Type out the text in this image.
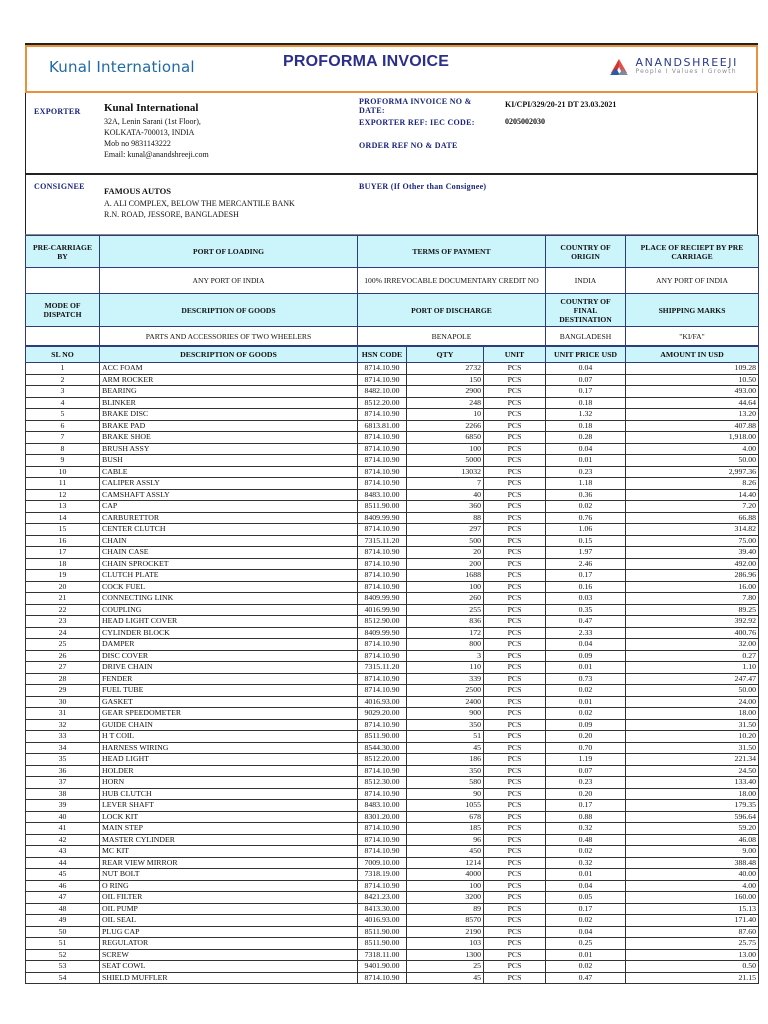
Kunal International	PROFORMA INVOICE	ANANDSHREEJI
People I Values I Growth
EXPORTER Kunal International
32A, Lenin Sarani (1st Floor),
KOLKATA-700013, INDIA
Mob no 9831143222
Email: kunal@anandshreeji.com
PROFORMA INVOICE NO &
DATE:
KI/CPI/329/20-21 DT 23.03.2021
EXPORTER REF: IEC CODE:	0205002030
ORDER REF NO & DATE
CONSIGNEE FAMOUS AUTOS
A. ALI COMPLEX, BELOW THE MERCANTILE BANK
R.N. ROAD, JESSORE, BANGLADESH
BUYER (If Other than Consignee)
PRE-CARRIAGE BY	PORT OF LOADING	TERMS OF PAYMENT	COUNTRY OF ORIGIN	PLACE OF RECIEPT BY PRE CARRIAGE
	ANY PORT OF INDIA	100% IRREVOCABLE DOCUMENTARY CREDIT NO	INDIA	ANY PORT OF INDIA
MODE OF DISPATCH	DESCRIPTION OF GOODS	PORT OF DISCHARGE	COUNTRY OF FINAL DESTINATION	SHIPPING MARKS
	PARTS AND ACCESSORIES OF TWO WHEELERS	BENAPOLE	BANGLADESH	"KI/FA"
SL NO	DESCRIPTION OF GOODS	HSN CODE	QTY	UNIT	UNIT PRICE USD	AMOUNT IN USD
1	ACC FOAM	8714.10.90	2732	PCS	0.04	109.28
2	ARM ROCKER	8714.10.90	150	PCS	0.07	10.50
3	BEARING	8482.10.00	2900	PCS	0.17	493.00
4	BLINKER	8512.20.00	248	PCS	0.18	44.64
5	BRAKE DISC	8714.10.90	10	PCS	1.32	13.20
6	BRAKE PAD	6813.81.00	2266	PCS	0.18	407.88
7	BRAKE SHOE	8714.10.90	6850	PCS	0.28	1,918.00
8	BRUSH ASSY	8714.10.90	100	PCS	0.04	4.00
9	BUSH	8714.10.90	5000	PCS	0.01	50.00
10	CABLE	8714.10.90	13032	PCS	0.23	2,997.36
11	CALIPER ASSLY	8714.10.90	7	PCS	1.18	8.26
12	CAMSHAFT ASSLY	8483.10.00	40	PCS	0.36	14.40
13	CAP	8511.90.00	360	PCS	0.02	7.20
14	CARBURETTOR	8409.99.90	88	PCS	0.76	66.88
15	CENTER CLUTCH	8714.10.90	297	PCS	1.06	314.82
16	CHAIN	7315.11.20	500	PCS	0.15	75.00
17	CHAIN CASE	8714.10.90	20	PCS	1.97	39.40
18	CHAIN SPROCKET	8714.10.90	200	PCS	2.46	492.00
19	CLUTCH PLATE	8714.10.90	1688	PCS	0.17	286.96
20	COCK FUEL	8714.10.90	100	PCS	0.16	16.00
21	CONNECTING LINK	8409.99.90	260	PCS	0.03	7.80
22	COUPLING	4016.99.90	255	PCS	0.35	89.25
23	HEAD LIGHT COVER	8512.90.00	836	PCS	0.47	392.92
24	CYLINDER BLOCK	8409.99.90	172	PCS	2.33	400.76
25	DAMPER	8714.10.90	800	PCS	0.04	32.00
26	DISC COVER	8714.10.90	3	PCS	0.09	0.27
27	DRIVE CHAIN	7315.11.20	110	PCS	0.01	1.10
28	FENDER	8714.10.90	339	PCS	0.73	247.47
29	FUEL TUBE	8714.10.90	2500	PCS	0.02	50.00
30	GASKET	4016.93.00	2400	PCS	0.01	24.00
31	GEAR SPEEDOMETER	9029.20.00	900	PCS	0.02	18.00
32	GUIDE CHAIN	8714.10.90	350	PCS	0.09	31.50
33	H T COIL	8511.90.00	51	PCS	0.20	10.20
34	HARNESS WIRING	8544.30.00	45	PCS	0.70	31.50
35	HEAD LIGHT	8512.20.00	186	PCS	1.19	221.34
36	HOLDER	8714.10.90	350	PCS	0.07	24.50
37	HORN	8512.30.00	580	PCS	0.23	133.40
38	HUB CLUTCH	8714.10.90	90	PCS	0.20	18.00
39	LEVER SHAFT	8483.10.00	1055	PCS	0.17	179.35
40	LOCK KIT	8301.20.00	678	PCS	0.88	596.64
41	MAIN STEP	8714.10.90	185	PCS	0.32	59.20
42	MASTER CYLINDER	8714.10.90	96	PCS	0.48	46.08
43	MC KIT	8714.10.90	450	PCS	0.02	9.00
44	REAR VIEW MIRROR	7009.10.00	1214	PCS	0.32	388.48
45	NUT BOLT	7318.19.00	4000	PCS	0.01	40.00
46	O RING	8714.10.90	100	PCS	0.04	4.00
47	OIL FILTER	8421.23.00	3200	PCS	0.05	160.00
48	OIL PUMP	8413.30.00	89	PCS	0.17	15.13
49	OIL SEAL	4016.93.00	8570	PCS	0.02	171.40
50	PLUG CAP	8511.90.00	2190	PCS	0.04	87.60
51	REGULATOR	8511.90.00	103	PCS	0.25	25.75
52	SCREW	7318.11.00	1300	PCS	0.01	13.00
53	SEAT COWL	9401.90.00	25	PCS	0.02	0.50
54	SHIELD MUFFLER	8714.10.90	45	PCS	0.47	21.15
